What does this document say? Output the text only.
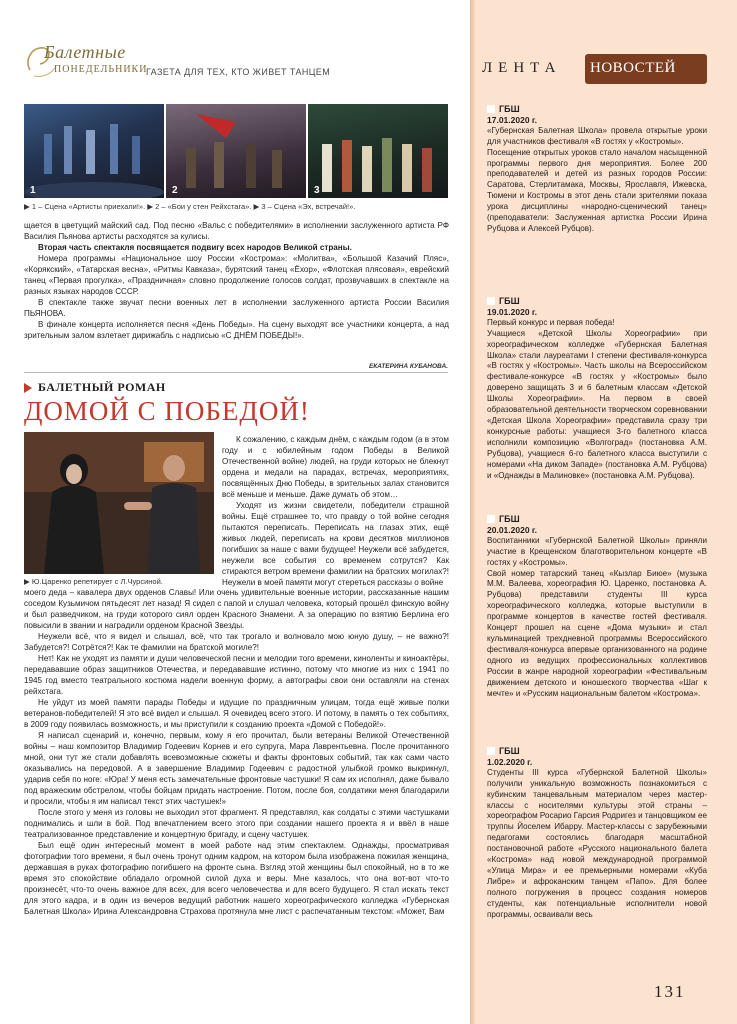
Балетные
ПОНЕДЕЛЬНИКИ
ГАЗЕТА ДЛЯ ТЕХ, КТО ЖИВЕТ ТАНЦЕМ
1	2	3
▶ 1 – Сцена «Артисты приехали!». ▶ 2 – «Бои у стен Рейхстага». ▶ 3 – Сцена «Эх, встречай!».

щается в цветущий майский сад. Под песню «Вальс с победителями» в исполнении заслуженного артиста РФ Василия Пьянова артисты расходятся за кулисы.

Вторая часть спектакля посвящается подвигу всех народов Великой страны.

Номера программы «Национальное шоу России «Кострома»: «Молитва», «Большой Казачий Пляс», «Корякский», «Татарская весна», «Ритмы Кавказа», бурятский танец «Ёхор», «Флотская плясовая», еврейский танец «Первая прогулка», «Праздничная» словно продолжение голосов солдат, прозвучавших в спектакле на разных языках народов СССР.

В спектакле также звучат песни военных лет в исполнении заслуженного артиста России Василия ПЬЯНОВА.

В финале концерта исполняется песня «День Победы». На сцену выходят все участники концерта, а над зрительным залом взлетает дирижабль с надписью «С ДНЁМ ПОБЕДЫ!».

ЕКАТЕРИНА КУБАНОВА.
БАЛЕТНЫЙ РОМАН
ДОМОЙ С ПОБЕДОЙ!
▶ Ю.Царенко репетирует с Л.Чурсиной.

К сожалению, с каждым днём, с каждым годом (а в этом году и с юбилейным годом Победы в Великой Отечественной войне) людей, на груди которых не блекнут ордена и медали на парадах, встречах, мероприятиях, посвящённых Дню Победы, в зрительных залах становится всё меньше и меньше. Даже думать об этом…

Уходят из жизни свидетели, победители страшной войны. Ещё страшнее то, что правду о той войне сегодня пытаются переписать. Переписать на глазах этих, ещё живых людей, переписать на крови десятков миллионов погибших за наше с вами будущее! Неужели всё забудется, неужели все события со временем сотрутся? Как стираются ветром времени фамилии на братских могилах?! Неужели в моей памяти могут стереться рассказы о войне

моего деда – кавалера двух орденов Славы! Или очень удивительные военные истории, рассказанные нашим соседом Кузьмичом пятьдесят лет назад! Я сидел с папой и слушал человека, который прошёл финскую войну и был разведчиком, на груди которого сиял орден Красного Знамени. А за операцию по взятию Берлина его повысили в звании и наградили орденом Красной Звезды.

Неужели всё, что я видел и слышал, всё, что так трогало и волновало мою юную душу, – не важно?! Забудется?! Сотрётся?! Как те фамилии на братской могиле?!

Нет! Как не уходят из памяти и души человеческой песни и мелодии того времени, киноленты и киноактёры, передававшие образ защитников Отечества, и передававшие истинно, потому что многие из них с 1941 по 1945 год вместо театрального костюма надели военную форму, а автографы свои они оставляли на стенах рейхстага.

Не уйдут из моей памяти парады Победы и идущие по праздничным улицам, тогда ещё живые полки ветеранов-победителей! Я это всё видел и слышал. Я очевидец всего этого. И потому, в память о тех событиях, в 2009 году появилась возможность, и мы приступили к созданию проекта «Домой с Победой!».

Я написал сценарий и, конечно, первым, кому я его прочитал, были ветераны Великой Отечественной войны – наш композитор Владимир Годеевич Корнев и его супруга, Мара Лаврентьевна. После прочитанного мной, они тут же стали добавлять всевозможные сюжеты и факты фронтовых событий, так как сами часто оказывались на передовой. А в завершение Владимир Годеевич с радостной улыбкой громко выкрикнул, ударив себя по ноге: «Юра! У меня есть замечательные фронтовые частушки! Я сам их исполнял, даже бывало под вражеским обстрелом, чтобы бойцам придать настроение. Потом, после боя, солдатики меня благодарили и просили, чтобы я им написал текст этих частушек!»

После этого у меня из головы не выходил этот фрагмент. Я представлял, как солдаты с этими частушками поднимались и шли в бой. Под впечатлением всего этого при создании нашего проекта я и ввёл в наше театрализованное представление и концертную бригаду, и сцену частушек.

Был ещё один интересный момент в моей работе над этим спектаклем. Однажды, просматривая фотографии того времени, я был очень тронут одним кадром, на котором была изображена пожилая женщина, державшая в руках фотографию погибшего на фронте сына. Взгляд этой женщины был спокойный, но в то же время это спокойствие обладало огромной силой духа и веры. Мне казалось, что она вот-вот что-то произнесёт, что-то очень важное для всех, для всего человечества и для всего будущего. Я стал искать текст для этого кадра, и в один из вечеров ведущий работник нашего хореографического колледжа «Губернская Балетная Школа» Ирина Александровна Страхова протянула мне лист с распечатанным текстом: «Может, Вам

ЛЕНТА НОВОСТЕЙ
ГБШ
17.01.2020 г.
«Губернская Балетная Школа» провела открытые уроки для участников фестиваля «В гостях у «Костромы».
Посещение открытых уроков стало началом насыщенной программы первого дня мероприятия. Более 200 преподавателей и детей из разных городов России: Саратова, Стерлитамака, Москвы, Ярославля, Ижевска, Тюмени и Костромы в этот день стали зрителями показа урока дисциплины «народно-сценический танец» (преподаватели: Заслуженная артистка России Ирина Рубцова и Алексей Рубцов).
ГБШ
19.01.2020 г.
Первый конкурс и первая победа!
Учащиеся «Детской Школы Хореографии» при хореографическом колледже «Губернская Балетная Школа» стали лауреатами I степени фестиваля-конкурса «В гостях у «Костромы». Часть школы на Всероссийском фестивале-конкурсе «В гостях у «Костромы» было доверено защищать 3 и 6 балетным классам «Детской Школы Хореографии». На первом в своей образовательной деятельности творческом соревновании «Детская Школа Хореографии» представила сразу три конкурсные работы: учащиеся 3-го балетного класса исполнили композицию «Волгоград» (постановка А.М. Рубцова), учащиеся 6-го балетного класса выступили с номерами «На диком Западе» (постановка А.М. Рубцова) и «Однажды в Малиновке» (постановка А.М. Рубцова).
ГБШ
20.01.2020 г.
Воспитанники «Губернской Балетной Школы» приняли участие в Крещенском благотворительном концерте «В гостях у «Костромы».
Свой номер татарский танец «Кызлар Биюе» (музыка М.М. Валеева, хореография Ю. Царенко, постановка А. Рубцова) представили студенты III курса хореографического колледжа, которые выступили в программе концертов в качестве гостей фестиваля. Концерт прошел на сцене «Дома музыки» и стал кульминацией трехдневной программы Всероссийского фестиваля-конкурса впервые организованного на родине одного из ведущих профессиональных коллективов России в жанре народной хореографии «Фестивальным движением детского и юношеского творчества «Шаг к мечте» и «Русским национальным балетом «Кострома».
ГБШ
1.02.2020 г.
Студенты III курса «Губернской Балетной Школы» получили уникальную возможность познакомиться с кубинским танцевальным материалом через мастер-классы с носителями культуры этой страны – хореографом Росарио Гарсия Родригез и танцовщиком ее труппы Йоселем Ибарру. Мастер-классы с зарубежными педагогами состоялись благодаря масштабной постановочной работе «Русского национального балета «Кострома» над новой международной программой «Улица Мира» и ее премьерными номерами «Куба Либре» и афроканским танцем «Папо». Для более полного погружения в процесс создания номеров студенты, как потенциальные исполнители новой программы, осваивали весь
131
